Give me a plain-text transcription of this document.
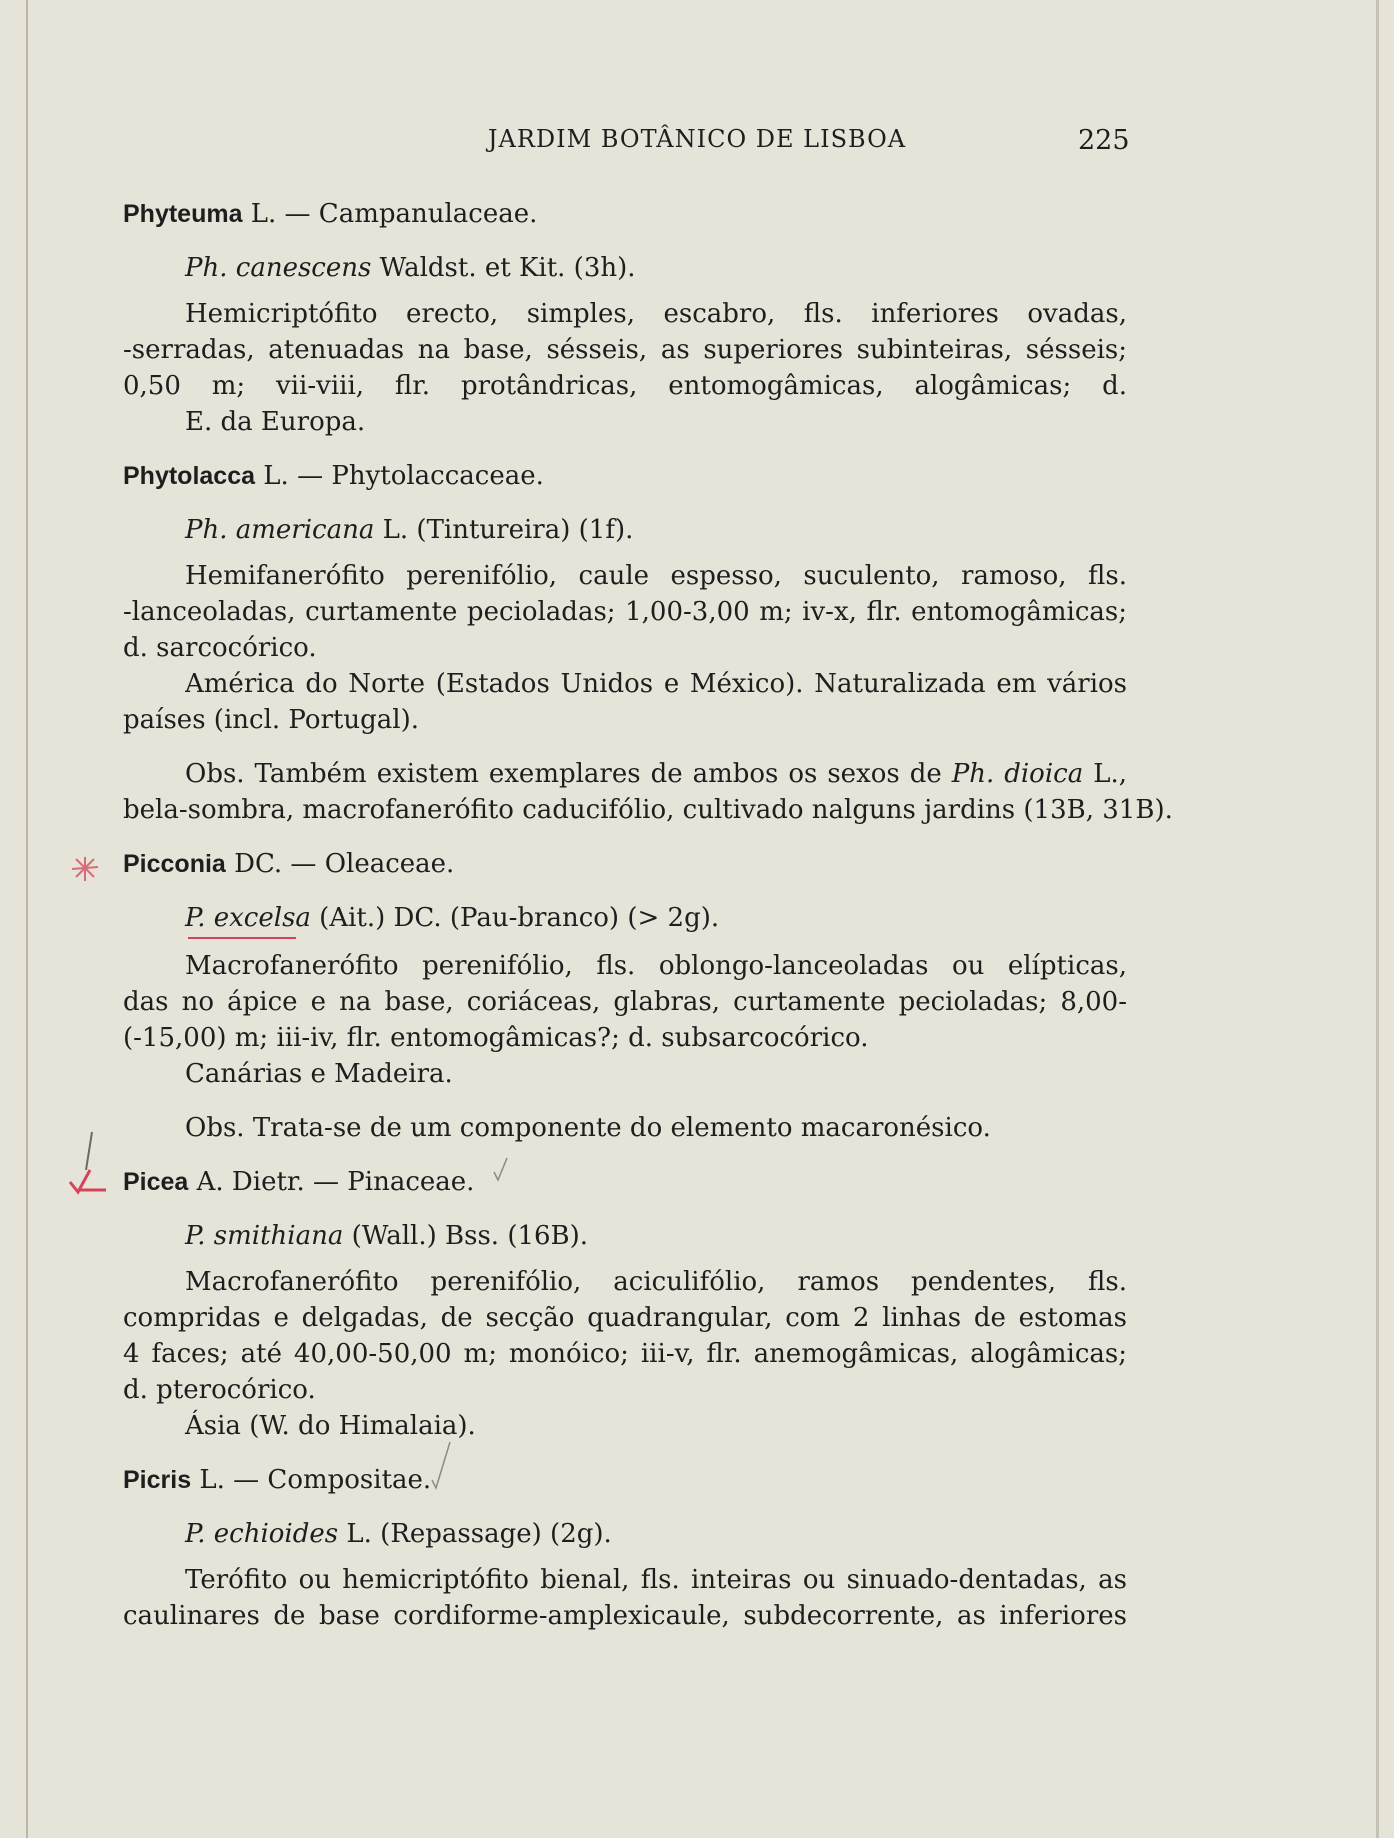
JARDIM BOTÂNICO DE LISBOA	225
Phyteuma L. — Campanulaceae.
Ph. canescens Waldst. et Kit. (3h).
Hemicriptófito erecto, simples, escabro, fls. inferiores ovadas,
-serradas, atenuadas na base, sésseis, as superiores subinteiras, sésseis;
0,50 m; vii-viii, flr. protândricas, entomogâmicas, alogâmicas; d.
E. da Europa.
Phytolacca L. — Phytolaccaceae.
Ph. americana L. (Tintureira) (1f).
Hemifanerófito perenifólio, caule espesso, suculento, ramoso, fls.
-lanceoladas, curtamente pecioladas; 1,00-3,00 m; iv-x, flr. entomogâmicas;
d. sarcocórico.
América do Norte (Estados Unidos e México). Naturalizada em vários
países (incl. Portugal).
Obs. Também existem exemplares de ambos os sexos de Ph. dioica L.,
bela-sombra, macrofanerófito caducifólio, cultivado nalguns jardins (13B, 31B).
Picconia DC. — Oleaceae.
P. excelsa (Ait.) DC. (Pau-branco) (> 2g).
Macrofanerófito perenifólio, fls. oblongo-lanceoladas ou elípticas,
das no ápice e na base, coriáceas, glabras, curtamente pecioladas; 8,00-
(-15,00) m; iii-iv, flr. entomogâmicas?; d. subsarcocórico.
Canárias e Madeira.
Obs. Trata-se de um componente do elemento macaronésico.
Picea A. Dietr. — Pinaceae.
P. smithiana (Wall.) Bss. (16B).
Macrofanerófito perenifólio, aciculifólio, ramos pendentes, fls.
compridas e delgadas, de secção quadrangular, com 2 linhas de estomas
4 faces; até 40,00-50,00 m; monóico; iii-v, flr. anemogâmicas, alogâmicas;
d. pterocórico.
Ásia (W. do Himalaia).
Picris L. — Compositae.
P. echioides L. (Repassage) (2g).
Terófito ou hemicriptófito bienal, fls. inteiras ou sinuado-dentadas, as
caulinares de base cordiforme-amplexicaule, subdecorrente, as inferiores
